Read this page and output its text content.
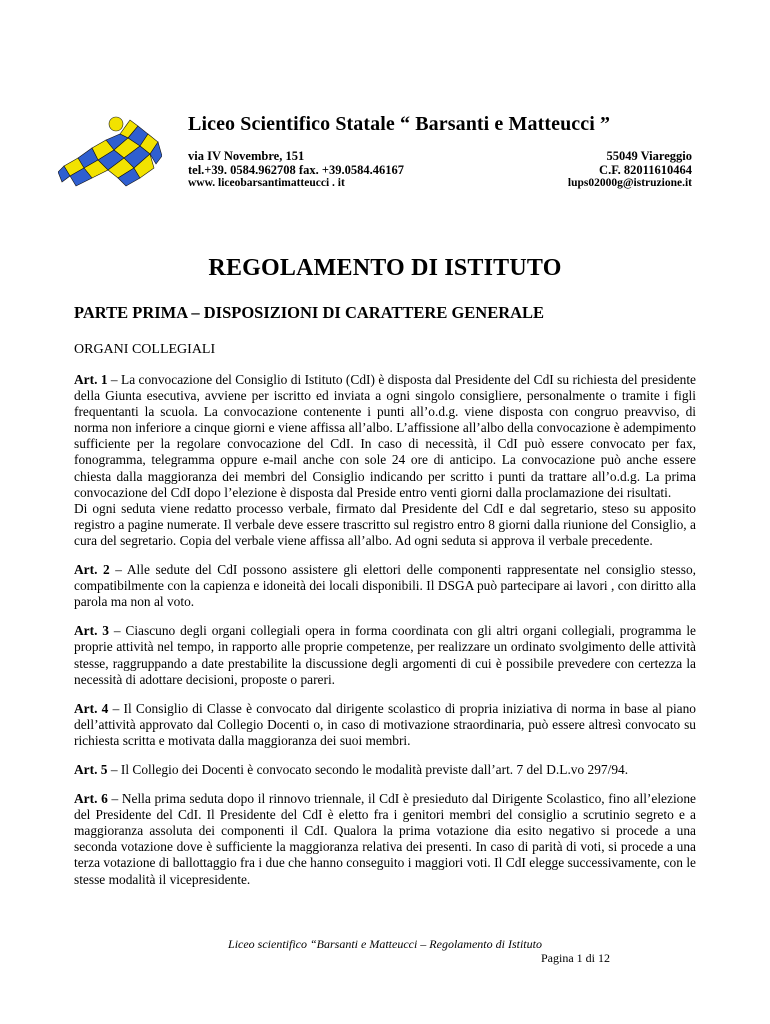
Liceo Scientifico Statale “ Barsanti e Matteucci ”
via IV Novembre, 151	55049 Viareggio
tel.+39. 0584.962708 fax. +39.0584.46167	C.F. 82011610464
www. liceobarsantimatteucci . it	lups02000g@istruzione.it
REGOLAMENTO DI ISTITUTO
PARTE PRIMA – DISPOSIZIONI DI CARATTERE GENERALE
ORGANI COLLEGIALI

Art. 1 – La convocazione del Consiglio di Istituto (CdI) è disposta dal Presidente del CdI su richiesta del presidente della Giunta esecutiva, avviene per iscritto ed inviata a ogni singolo consigliere, personalmente o tramite i figli frequentanti la scuola. La convocazione contenente i punti all’o.d.g. viene disposta con congruo preavviso, di norma non inferiore a cinque giorni e viene affissa all’albo. L’affissione all’albo della convocazione è adempimento sufficiente per la regolare convocazione del CdI. In caso di necessità, il CdI può essere convocato per fax, fonogramma, telegramma oppure e-mail anche con sole 24 ore di anticipo. La convocazione può anche essere chiesta dalla maggioranza dei membri del Consiglio indicando per scritto i punti da trattare all’o.d.g. La prima convocazione del CdI dopo l’elezione è disposta dal Preside entro venti giorni dalla proclamazione dei risultati.

Di ogni seduta viene redatto processo verbale, firmato dal Presidente del CdI e dal segretario, steso su apposito registro a pagine numerate. Il verbale deve essere trascritto sul registro entro 8 giorni dalla riunione del Consiglio, a cura del segretario. Copia del verbale viene affissa all’albo. Ad ogni seduta si approva il verbale precedente.

Art. 2 – Alle sedute del CdI possono assistere gli elettori delle componenti rappresentate nel consiglio stesso, compatibilmente con la capienza e idoneità dei locali disponibili. Il DSGA può partecipare ai lavori , con diritto alla parola ma non al voto.

Art. 3 – Ciascuno degli organi collegiali opera in forma coordinata con gli altri organi collegiali, programma le proprie attività nel tempo, in rapporto alle proprie competenze, per realizzare un ordinato svolgimento delle attività stesse, raggruppando a date prestabilite la discussione degli argomenti di cui è possibile prevedere con certezza la necessità di adottare decisioni, proposte o pareri.

Art. 4 – Il Consiglio di Classe è convocato dal dirigente scolastico di propria iniziativa di norma in base al piano dell’attività approvato dal Collegio Docenti o, in caso di motivazione straordinaria, può essere altresì convocato su richiesta scritta e motivata dalla maggioranza dei suoi membri.

Art. 5 – Il Collegio dei Docenti è convocato secondo le modalità previste dall’art. 7 del D.L.vo 297/94.

Art. 6 – Nella prima seduta dopo il rinnovo triennale, il CdI è presieduto dal Dirigente Scolastico, fino all’elezione del Presidente del CdI. Il Presidente del CdI è eletto fra i genitori membri del consiglio a scrutinio segreto e a maggioranza assoluta dei componenti il CdI. Qualora la prima votazione dia esito negativo si procede a una seconda votazione dove è sufficiente la maggioranza relativa dei presenti. In caso di parità di voti, si procede a una terza votazione di ballottaggio fra i due che hanno conseguito i maggiori voti. Il CdI elegge successivamente, con le stesse modalità il vicepresidente.

Liceo scientifico “Barsanti e Matteucci – Regolamento di Istituto
Pagina 1 di 12
